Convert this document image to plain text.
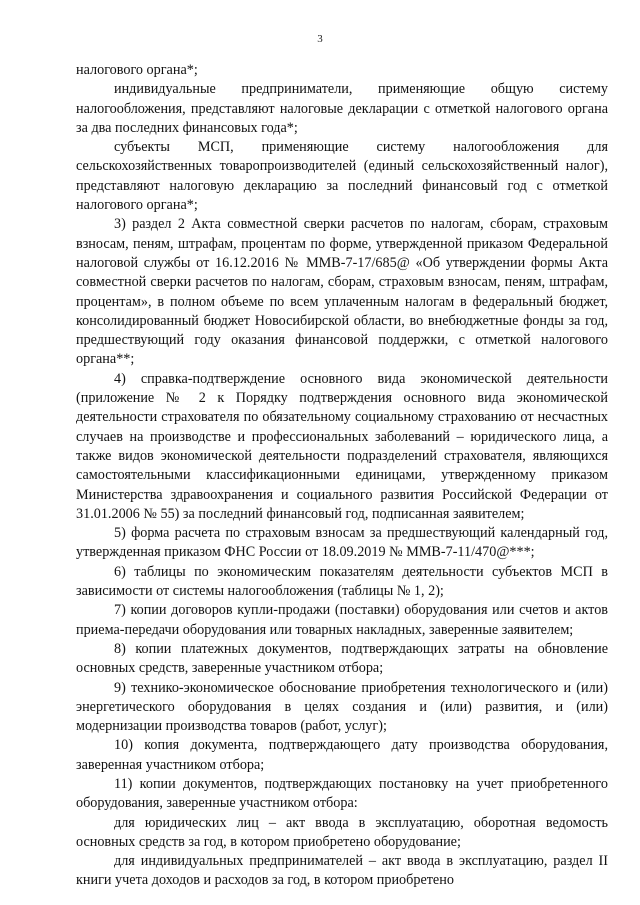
3

налогового органа*;

индивидуальные предприниматели, применяющие общую систему налогообложения, представляют налоговые декларации с отметкой налогового органа за два последних финансовых года*;

субъекты МСП, применяющие систему налогообложения для сельскохозяйственных товаропроизводителей (единый сельскохозяйственный налог), представляют налоговую декларацию за последний финансовый год с отметкой налогового органа*;

3) раздел 2 Акта совместной сверки расчетов по налогам, сборам, страховым взносам, пеням, штрафам, процентам по форме, утвержденной приказом Федеральной налоговой службы от 16.12.2016 № ММВ-7-17/685@ «Об утверждении формы Акта совместной сверки расчетов по налогам, сборам, страховым взносам, пеням, штрафам, процентам», в полном объеме по всем уплаченным налогам в федеральный бюджет, консолидированный бюджет Новосибирской области, во внебюджетные фонды за год, предшествующий году оказания финансовой поддержки, с отметкой налогового органа**;

4) справка-подтверждение основного вида экономической деятельности (приложение № 2 к Порядку подтверждения основного вида экономической деятельности страхователя по обязательному социальному страхованию от несчастных случаев на производстве и профессиональных заболеваний – юридического лица, а также видов экономической деятельности подразделений страхователя, являющихся самостоятельными классификационными единицами, утвержденному приказом Министерства здравоохранения и социального развития Российской Федерации от 31.01.2006 № 55) за последний финансовый год, подписанная заявителем;

5) форма расчета по страховым взносам за предшествующий календарный год, утвержденная приказом ФНС России от 18.09.2019 № ММВ-7-11/470@***;

6) таблицы по экономическим показателям деятельности субъектов МСП в зависимости от системы налогообложения (таблицы № 1, 2);

7) копии договоров купли-продажи (поставки) оборудования или счетов и актов приема-передачи оборудования или товарных накладных, заверенные заявителем;

8) копии платежных документов, подтверждающих затраты на обновление основных средств, заверенные участником отбора;

9) технико-экономическое обоснование приобретения технологического и (или) энергетического оборудования в целях создания и (или) развития, и (или) модернизации производства товаров (работ, услуг);

10) копия документа, подтверждающего дату производства оборудования, заверенная участником отбора;

11) копии документов, подтверждающих постановку на учет приобретенного оборудования, заверенные участником отбора:

для юридических лиц – акт ввода в эксплуатацию, оборотная ведомость основных средств за год, в котором приобретено оборудование;

для индивидуальных предпринимателей – акт ввода в эксплуатацию, раздел II книги учета доходов и расходов за год, в котором приобретено
